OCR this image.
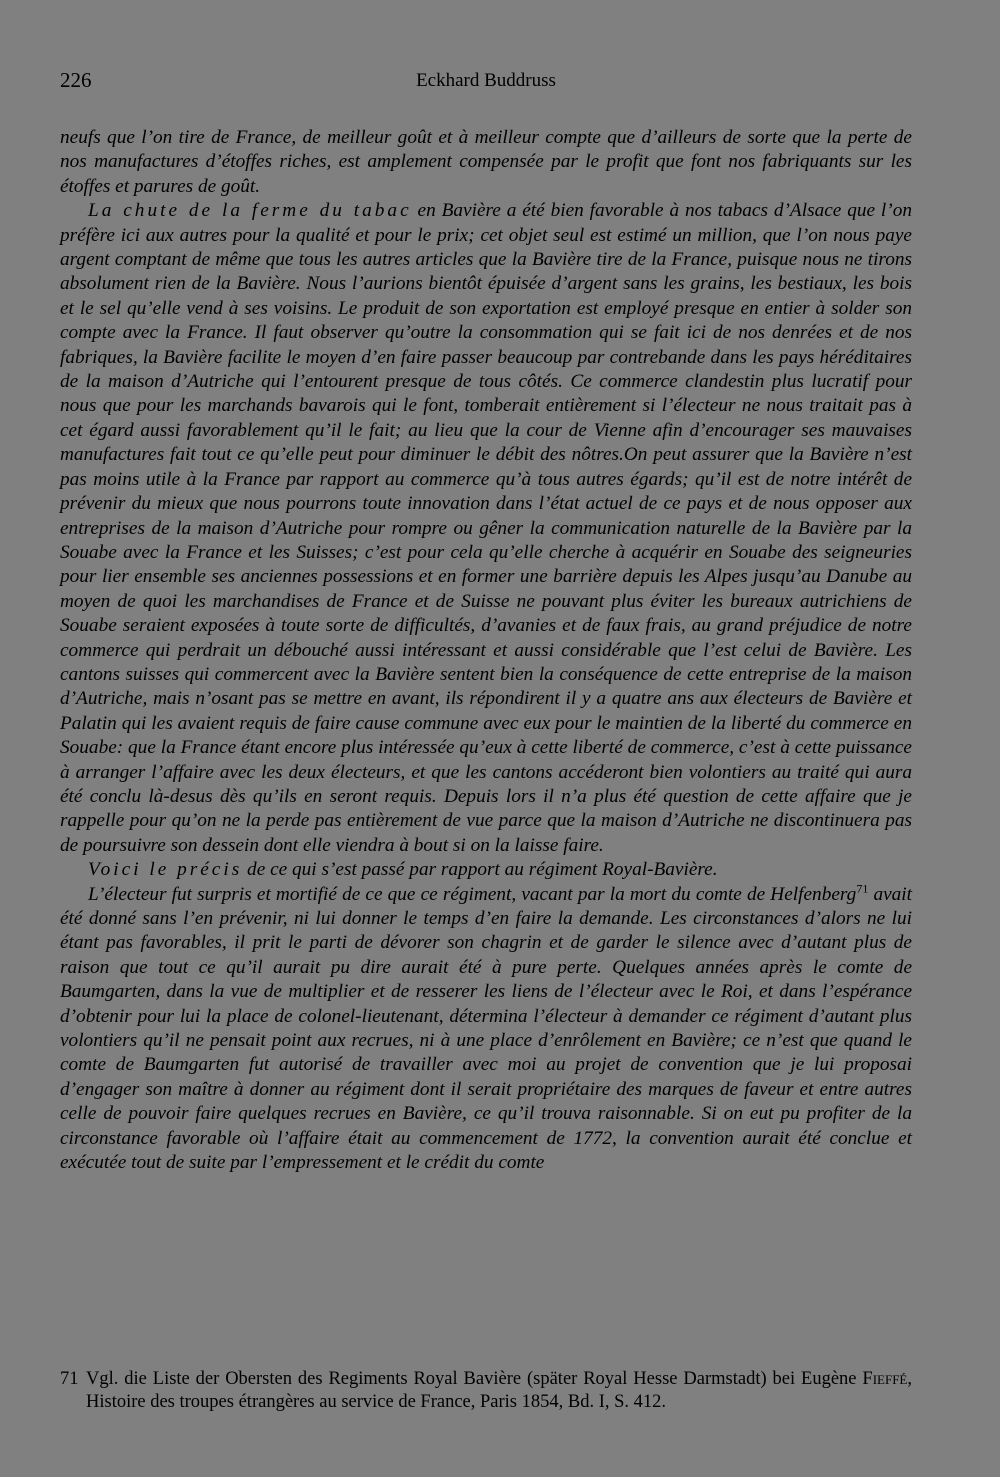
226	Eckhard Buddruss

neufs que l’on tire de France, de meilleur goût et à meilleur compte que d’ailleurs de sorte que la perte de nos manufactures d’étoffes riches, est amplement compensée par le profit que font nos fabriquants sur les étoffes et parures de goût.

La chute de la ferme du tabac en Bavière a été bien favorable à nos tabacs d’Alsace que l’on préfère ici aux autres pour la qualité et pour le prix; cet objet seul est estimé un million, que l’on nous paye argent comptant de même que tous les autres articles que la Bavière tire de la France, puisque nous ne tirons absolument rien de la Bavière. Nous l’aurions bientôt épuisée d’argent sans les grains, les bestiaux, les bois et le sel qu’elle vend à ses voisins. Le produit de son exportation est employé presque en entier à solder son compte avec la France. Il faut observer qu’outre la consommation qui se fait ici de nos denrées et de nos fabriques, la Bavière facilite le moyen d’en faire passer beaucoup par contrebande dans les pays héréditaires de la maison d’Autriche qui l’entourent presque de tous côtés. Ce commerce clandestin plus lucratif pour nous que pour les marchands bavarois qui le font, tomberait entièrement si l’électeur ne nous traitait pas à cet égard aussi favorablement qu’il le fait; au lieu que la cour de Vienne afin d’encourager ses mauvaises manufactures fait tout ce qu’elle peut pour diminuer le débit des nôtres.On peut assurer que la Bavière n’est pas moins utile à la France par rapport au commerce qu’à tous autres égards; qu’il est de notre intérêt de prévenir du mieux que nous pourrons toute innovation dans l’état actuel de ce pays et de nous opposer aux entreprises de la maison d’Autriche pour rompre ou gêner la communication naturelle de la Bavière par la Souabe avec la France et les Suisses; c’est pour cela qu’elle cherche à acquérir en Souabe des seigneuries pour lier ensemble ses anciennes possessions et en former une barrière depuis les Alpes jusqu’au Danube au moyen de quoi les marchandises de France et de Suisse ne pouvant plus éviter les bureaux autrichiens de Souabe seraient exposées à toute sorte de difficultés, d’avanies et de faux frais, au grand préjudice de notre commerce qui perdrait un débouché aussi intéressant et aussi considérable que l’est celui de Bavière. Les cantons suisses qui commercent avec la Bavière sentent bien la conséquence de cette entreprise de la maison d’Autriche, mais n’osant pas se mettre en avant, ils répondirent il y a quatre ans aux électeurs de Bavière et Palatin qui les avaient requis de faire cause commune avec eux pour le maintien de la liberté du commerce en Souabe: que la France étant encore plus intéressée qu’eux à cette liberté de commerce, c’est à cette puissance à arranger l’affaire avec les deux électeurs, et que les cantons accéderont bien volontiers au traité qui aura été conclu là-desus dès qu’ils en seront requis. Depuis lors il n’a plus été question de cette affaire que je rappelle pour qu’on ne la perde pas entièrement de vue parce que la maison d’Autriche ne discontinuera pas de poursuivre son dessein dont elle viendra à bout si on la laisse faire.

Voici le précis de ce qui s’est passé par rapport au régiment Royal-Bavière.

L’électeur fut surpris et mortifié de ce que ce régiment, vacant par la mort du comte de Helfenberg$^{71}$ avait été donné sans l’en prévenir, ni lui donner le temps d’en faire la demande. Les circonstances d’alors ne lui étant pas favorables, il prit le parti de dévorer son chagrin et de garder le silence avec d’autant plus de raison que tout ce qu’il aurait pu dire aurait été à pure perte. Quelques années après le comte de Baumgarten, dans la vue de multiplier et de resserer les liens de l’électeur avec le Roi, et dans l’espérance d’obtenir pour lui la place de colonel-lieutenant, détermina l’électeur à demander ce régiment d’autant plus volontiers qu’il ne pensait point aux recrues, ni à une place d’enrôlement en Bavière; ce n’est que quand le comte de Baumgarten fut autorisé de travailler avec moi au projet de convention que je lui proposai d’engager son maître à donner au régiment dont il serait propriétaire des marques de faveur et entre autres celle de pouvoir faire quelques recrues en Bavière, ce qu’il trouva raisonnable. Si on eut pu profiter de la circonstance favorable où l’affaire était au commencement de 1772, la convention aurait été conclue et exécutée tout de suite par l’empressement et le crédit du comte

71 Vgl. die Liste der Obersten des Regiments Royal Bavière (später Royal Hesse Darmstadt) bei Eugène Fieffé, Histoire des troupes étrangères au service de France, Paris 1854, Bd. I, S. 412.
